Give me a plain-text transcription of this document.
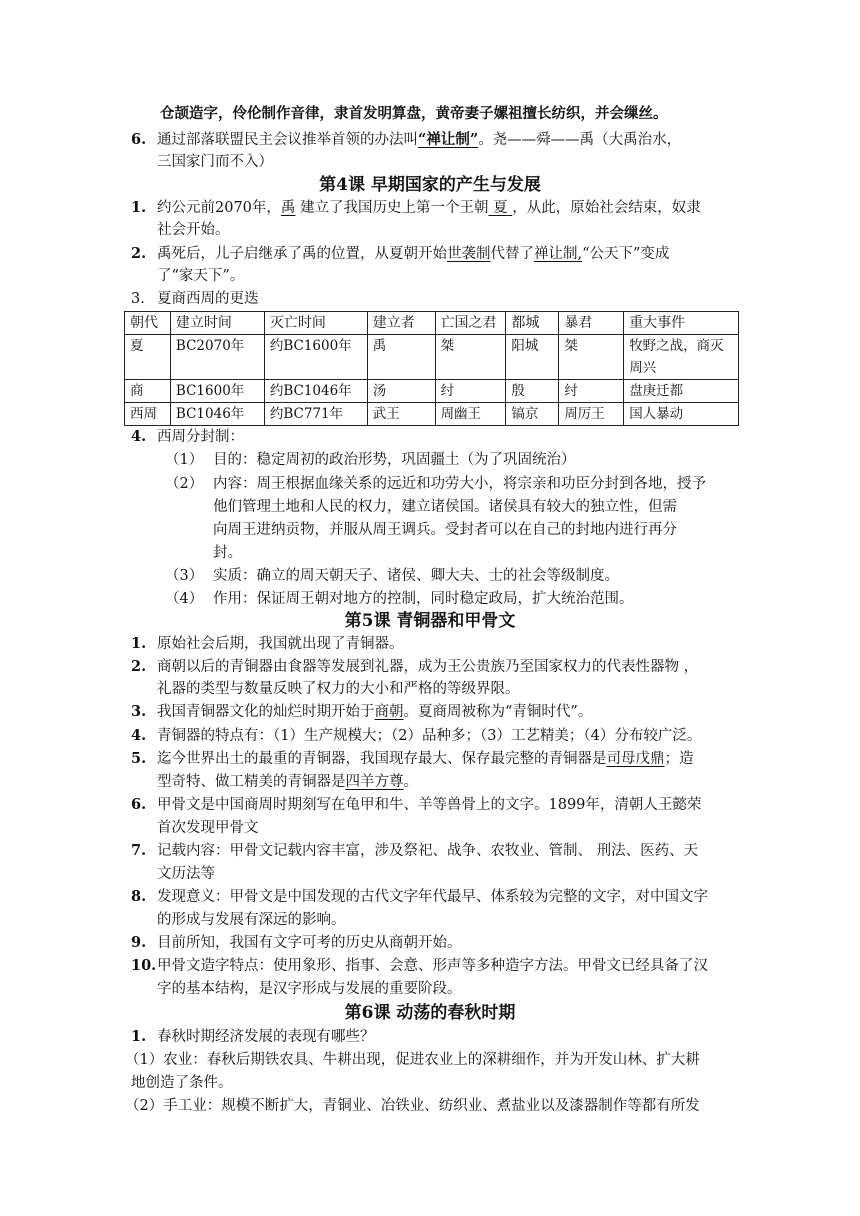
仓颉造字，伶伦制作音律，隶首发明算盘，黄帝妻子嫘祖擅长纺织，并会缫丝。
6. 通过部落联盟民主会议推举首领的办法叫“禅让制”。尧——舜——禹（大禹治水，
三国家门而不入）
第4课 早期国家的产生与发展
1. 约公元前2070年，禹 建立了我国历史上第一个王朝 夏 ，从此，原始社会结束，奴隶
社会开始。
2. 禹死后，儿子启继承了禹的位置，从夏朝开始世袭制代替了禅让制,“公天下”变成
了“家天下”。
3. 夏商西周的更迭
朝代	建立时间	灭亡时间	建立者	亡国之君	都城	暴君	重大事件
夏	BC2070年	约BC1600年	禹	桀	阳城	桀	牧野之战，商灭周兴
商	BC1600年	约BC1046年	汤	纣	殷	纣	盘庚迁都
西周	BC1046年	约BC771年	武王	周幽王	镐京	周厉王	国人暴动
4. 西周分封制：
（1） 目的：稳定周初的政治形势，巩固疆土（为了巩固统治）
（2） 内容：周王根据血缘关系的远近和功劳大小，将宗亲和功臣分封到各地，授予
他们管理土地和人民的权力，建立诸侯国。诸侯具有较大的独立性，但需
向周王进纳贡物，并服从周王调兵。受封者可以在自己的封地内进行再分
封。
（3） 实质：确立的周天朝天子、诸侯、卿大夫、士的社会等级制度。
（4） 作用：保证周王朝对地方的控制，同时稳定政局，扩大统治范围。
第5课 青铜器和甲骨文
1. 原始社会后期，我国就出现了青铜器。
2. 商朝以后的青铜器由食器等发展到礼器，成为王公贵族乃至国家权力的代表性器物 ，
礼器的类型与数量反映了权力的大小和严格的等级界限。
3. 我国青铜器文化的灿烂时期开始于商朝。夏商周被称为“青铜时代”。
4. 青铜器的特点有：（1）生产规模大；（2）品种多；（3）工艺精美；（4）分布较广泛。
5. 迄今世界出土的最重的青铜器，我国现存最大、保存最完整的青铜器是司母戊鼎；造
型奇特、做工精美的青铜器是四羊方尊。
6. 甲骨文是中国商周时期刻写在龟甲和牛、羊等兽骨上的文字。1899年，清朝人王懿荣
首次发现甲骨文
7. 记载内容：甲骨文记载内容丰富，涉及祭祀、战争、农牧业、管制、 刑法、医药、天
文历法等
8. 发现意义：甲骨文是中国发现的古代文字年代最早、体系较为完整的文字，对中国文字
的形成与发展有深远的影响。
9. 目前所知，我国有文字可考的历史从商朝开始。
10.甲骨文造字特点：使用象形、指事、会意、形声等多种造字方法。甲骨文已经具备了汉
字的基本结构，是汉字形成与发展的重要阶段。
第6课 动荡的春秋时期
1. 春秋时期经济发展的表现有哪些？
（1）农业：春秋后期铁农具、牛耕出现，促进农业上的深耕细作，并为开发山林、扩大耕
地创造了条件。
（2）手工业：规模不断扩大，青铜业、冶铁业、纺织业、煮盐业以及漆器制作等都有所发
